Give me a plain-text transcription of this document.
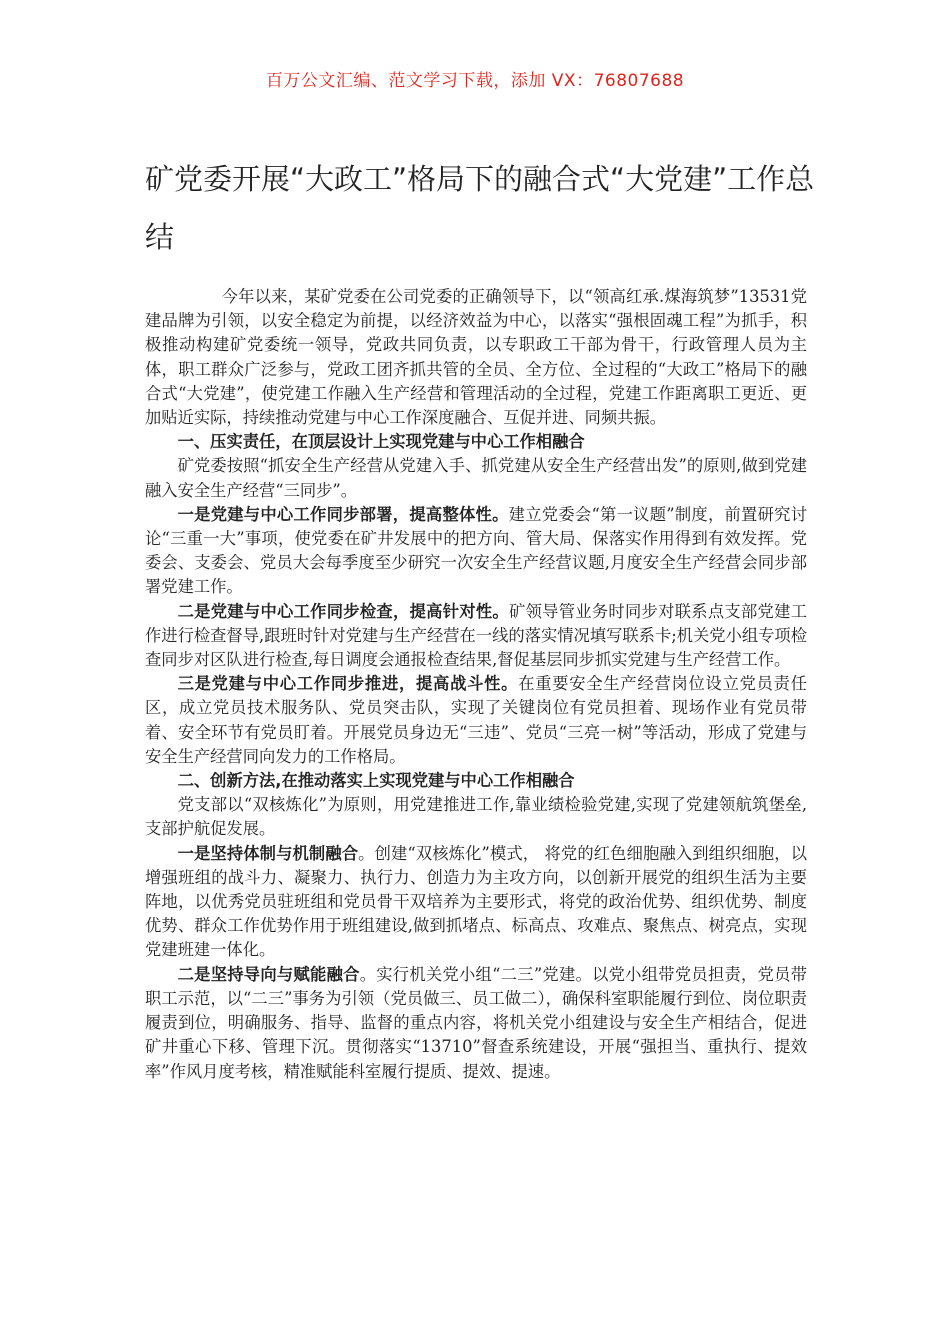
百万公文汇编、范文学习下载，添加 VX：76807688
矿党委开展“大政工”格局下的融合式“大党建”工作总结

今年以来，某矿党委在公司党委的正确领导下，以“领高红承.煤海筑梦”13531党建品牌为引领，以安全稳定为前提，以经济效益为中心，以落实“强根固魂工程”为抓手，积极推动构建矿党委统一领导，党政共同负责，以专职政工干部为骨干，行政管理人员为主体，职工群众广泛参与，党政工团齐抓共管的全员、全方位、全过程的“大政工”格局下的融合式“大党建”，使党建工作融入生产经营和管理活动的全过程，党建工作距离职工更近、更加贴近实际，持续推动党建与中心工作深度融合、互促并进、同频共振。

一、压实责任，在顶层设计上实现党建与中心工作相融合

矿党委按照“抓安全生产经营从党建入手、抓党建从安全生产经营出发”的原则,做到党建融入安全生产经营“三同步”。

一是党建与中心工作同步部署，提高整体性。建立党委会“第一议题”制度，前置研究讨论“三重一大”事项，使党委在矿井发展中的把方向、管大局、保落实作用得到有效发挥。党委会、支委会、党员大会每季度至少研究一次安全生产经营议题,月度安全生产经营会同步部署党建工作。

二是党建与中心工作同步检查，提高针对性。矿领导管业务时同步对联系点支部党建工作进行检查督导,跟班时针对党建与生产经营在一线的落实情况填写联系卡;机关党小组专项检查同步对区队进行检查,每日调度会通报检查结果,督促基层同步抓实党建与生产经营工作。

三是党建与中心工作同步推进，提高战斗性。在重要安全生产经营岗位设立党员责任区，成立党员技术服务队、党员突击队，实现了关键岗位有党员担着、现场作业有党员带着、安全环节有党员盯着。开展党员身边无“三违”、党员“三亮一树”等活动，形成了党建与安全生产经营同向发力的工作格局。

二、创新方法,在推动落实上实现党建与中心工作相融合

党支部以“双核炼化”为原则，用党建推进工作,靠业绩检验党建,实现了党建领航筑堡垒,支部护航促发展。

一是坚持体制与机制融合。创建“双核炼化”模式， 将党的红色细胞融入到组织细胞，以增强班组的战斗力、凝聚力、执行力、创造力为主攻方向，以创新开展党的组织生活为主要阵地，以优秀党员驻班组和党员骨干双培养为主要形式，将党的政治优势、组织优势、制度优势、群众工作优势作用于班组建设,做到抓堵点、标高点、攻难点、聚焦点、树亮点，实现党建班建一体化。

二是坚持导向与赋能融合。实行机关党小组“二三”党建。以党小组带党员担责，党员带职工示范，以“二三”事务为引领（党员做三、员工做二），确保科室职能履行到位、岗位职责履责到位，明确服务、指导、监督的重点内容，将机关党小组建设与安全生产相结合，促进矿井重心下移、管理下沉。贯彻落实“13710”督查系统建设，开展“强担当、重执行、提效率”作风月度考核，精准赋能科室履行提质、提效、提速。
